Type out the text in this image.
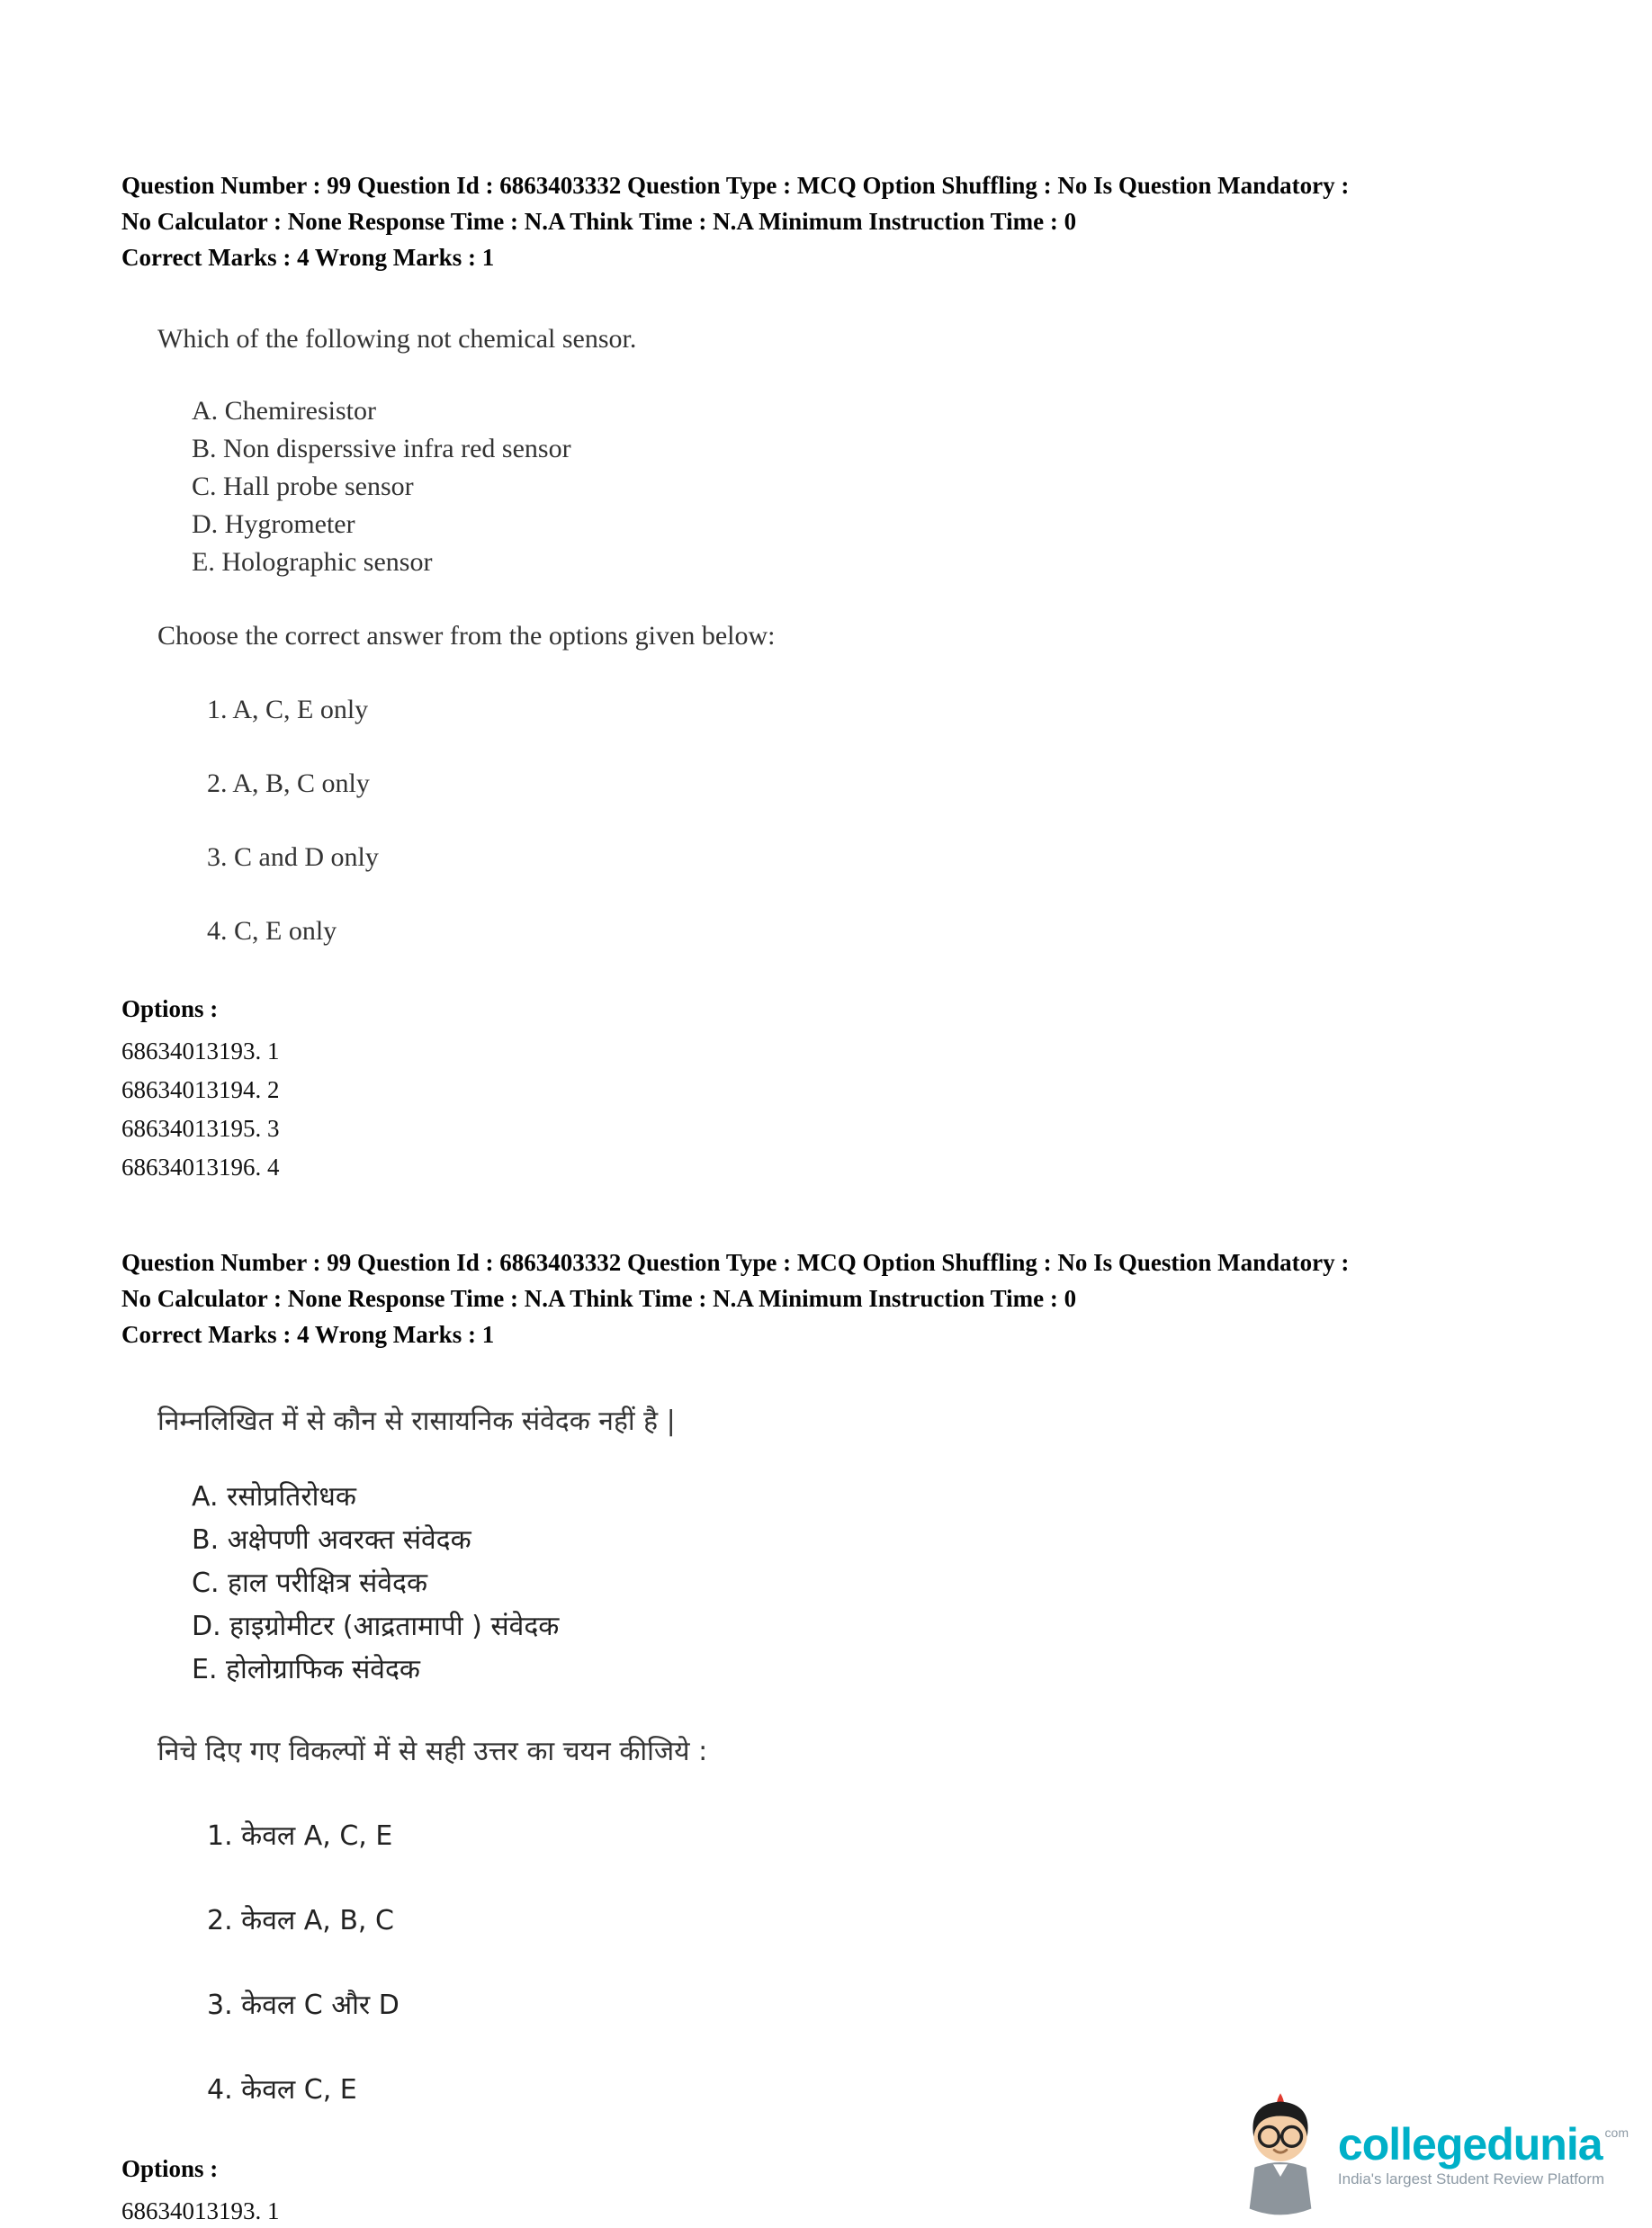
Question Number : 99 Question Id : 6863403332 Question Type : MCQ Option Shuffling : No Is Question Mandatory :
No Calculator : None Response Time : N.A Think Time : N.A Minimum Instruction Time : 0
Correct Marks : 4 Wrong Marks : 1
Which of the following not chemical sensor.
A. Chemiresistor
B. Non disperssive infra red sensor
C. Hall probe sensor
D. Hygrometer
E. Holographic sensor
Choose the correct answer from the options given below:
1. A, C, E only
2. A, B, C only
3. C and D only
4. C, E only
Options :
68634013193. 1
68634013194. 2
68634013195. 3
68634013196. 4
Question Number : 99 Question Id : 6863403332 Question Type : MCQ Option Shuffling : No Is Question Mandatory :
No Calculator : None Response Time : N.A Think Time : N.A Minimum Instruction Time : 0
Correct Marks : 4 Wrong Marks : 1
निम्नलिखित में से कौन से रासायनिक संवेदक नहीं है |
A. रसोप्रतिरोधक
B. अक्षेपणी अवरक्त संवेदक
C. हाल परीक्षित्र संवेदक
D. हाइग्रोमीटर (आद्रतामापी ) संवेदक
E. होलोग्राफिक संवेदक
निचे दिए गए विकल्पों में से सही उत्तर का चयन कीजिये :
1. केवल A, C, E
2. केवल A, B, C
3. केवल C और D
4. केवल C, E
Options :
68634013193. 1
collegedunia com
India's largest Student Review Platform
